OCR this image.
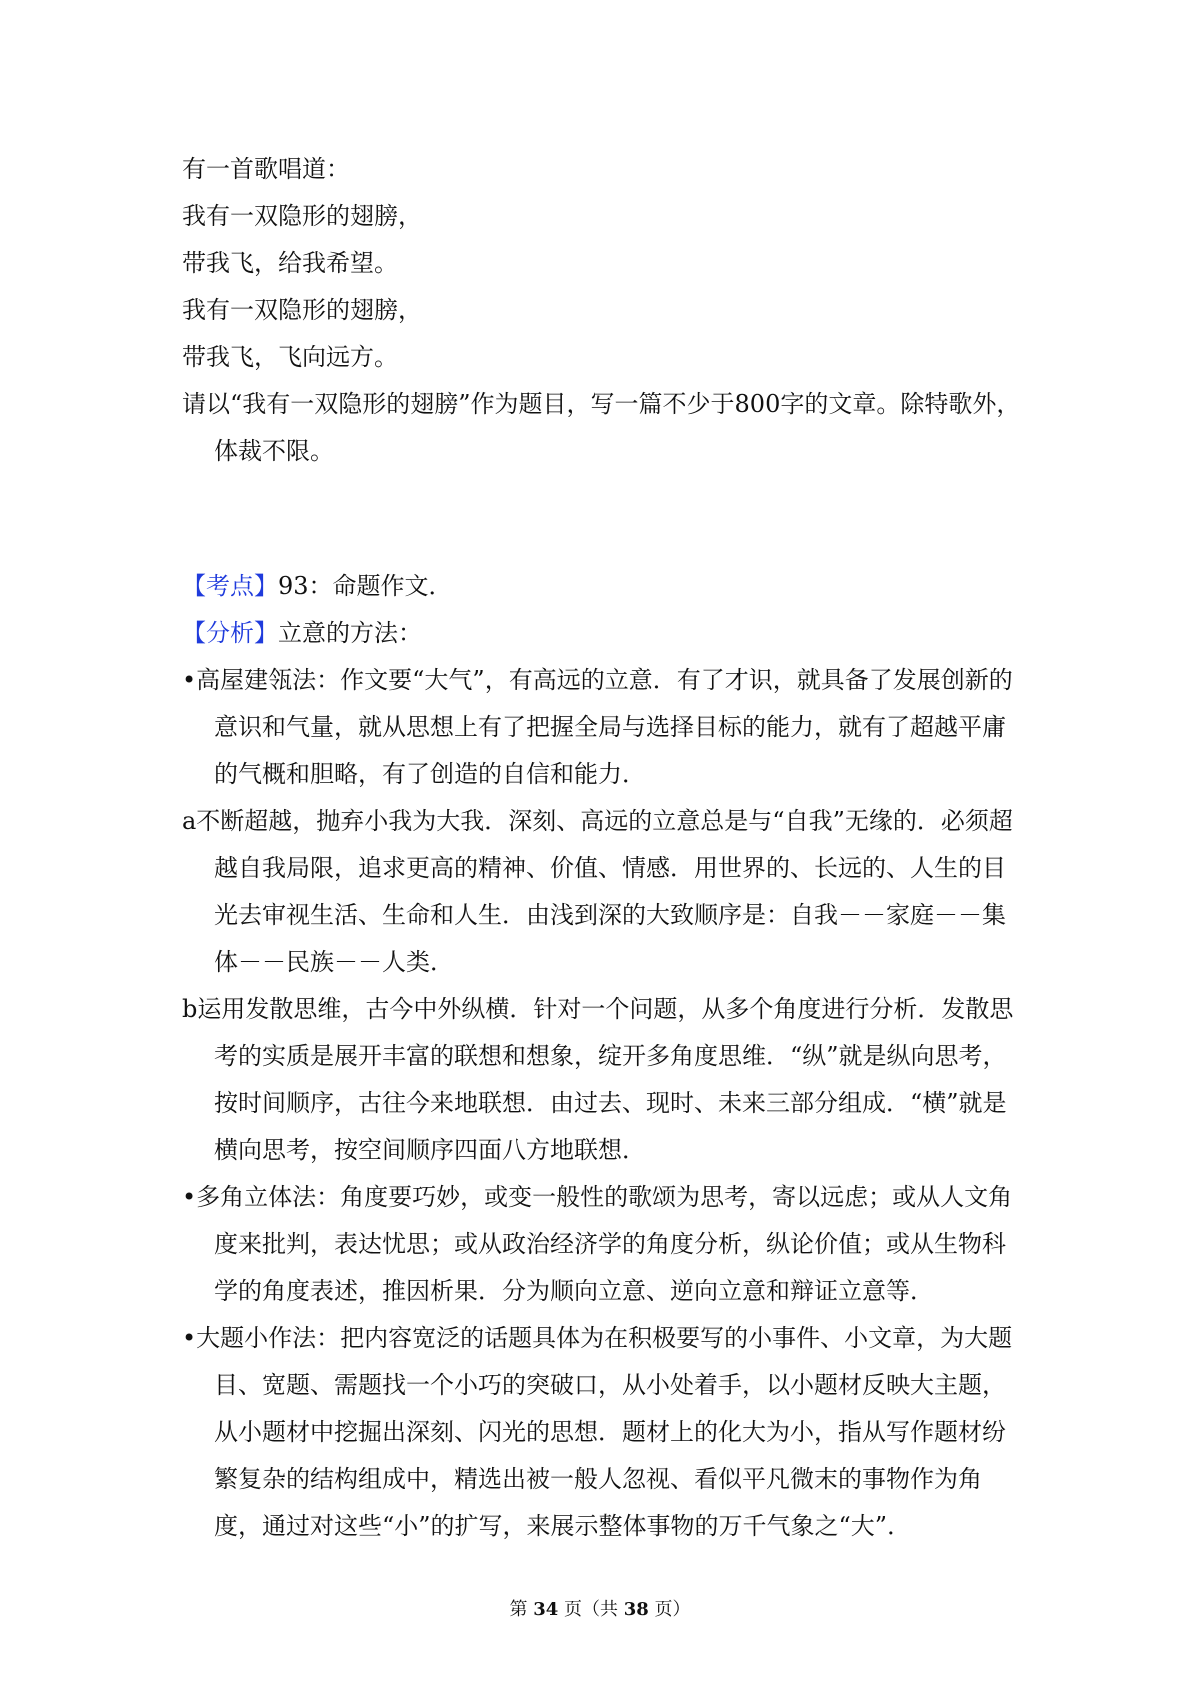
有一首歌唱道：

我有一双隐形的翅膀，

带我飞，给我希望。

我有一双隐形的翅膀，

带我飞，飞向远方。

请以“我有一双隐形的翅膀”作为题目，写一篇不少于800字的文章。除特歌外，体裁不限。

【考点】93：命题作文．

【分析】立意的方法：

•高屋建瓴法：作文要“大气”，有高远的立意．有了才识，就具备了发展创新的意识和气量，就从思想上有了把握全局与选择目标的能力，就有了超越平庸的气概和胆略，有了创造的自信和能力．

a不断超越，抛弃小我为大我．深刻、高远的立意总是与“自我”无缘的．必须超越自我局限，追求更高的精神、价值、情感．用世界的、长远的、人生的目光去审视生活、生命和人生．由浅到深的大致顺序是：自我－－家庭－－集体－－民族－－人类．

b运用发散思维，古今中外纵横．针对一个问题，从多个角度进行分析．发散思考的实质是展开丰富的联想和想象，绽开多角度思维．“纵”就是纵向思考，按时间顺序，古往今来地联想．由过去、现时、未来三部分组成．“横”就是横向思考，按空间顺序四面八方地联想．

•多角立体法：角度要巧妙，或变一般性的歌颂为思考，寄以远虑；或从人文角度来批判，表达忧思；或从政治经济学的角度分析，纵论价值；或从生物科学的角度表述，推因析果．分为顺向立意、逆向立意和辩证立意等．

•大题小作法：把内容宽泛的话题具体为在积极要写的小事件、小文章，为大题目、宽题、需题找一个小巧的突破口，从小处着手，以小题材反映大主题，从小题材中挖掘出深刻、闪光的思想．题材上的化大为小，指从写作题材纷繁复杂的结构组成中，精选出被一般人忽视、看似平凡微末的事物作为角度，通过对这些“小”的扩写，来展示整体事物的万千气象之“大”．

第 34 页（共 38 页）
